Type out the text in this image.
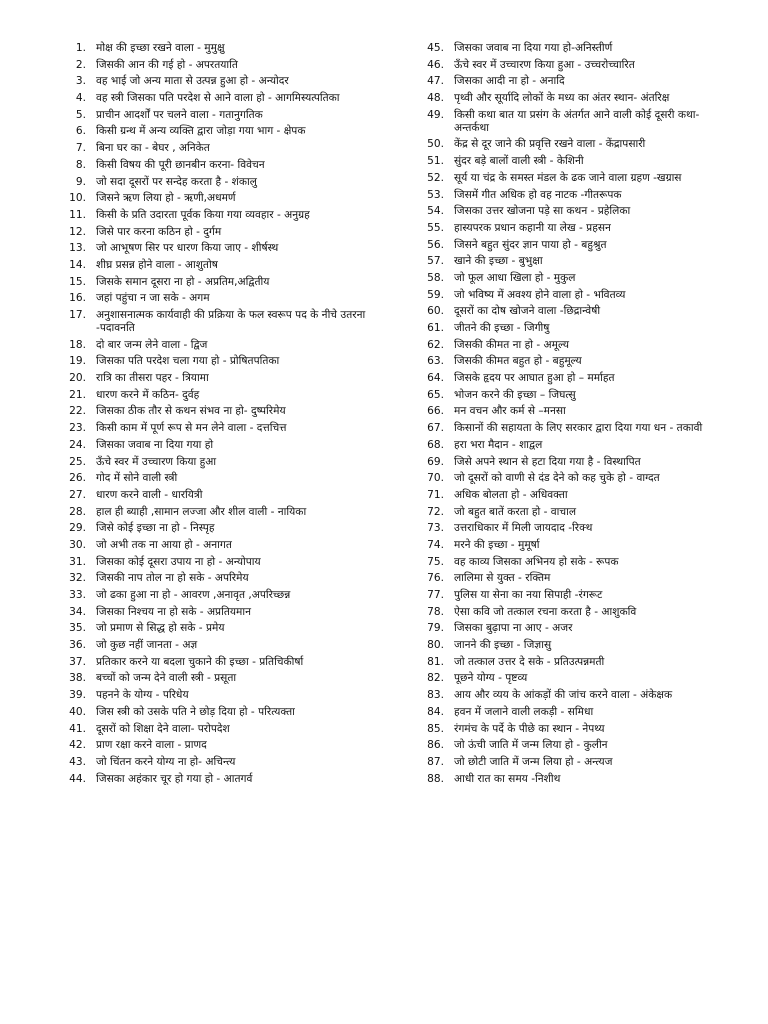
1. मोक्ष की इच्छा रखने वाला - मुमुक्षु
2. जिसकी आन की गई हो - अपरतयाति
3. वह भाई जो अन्य माता से उत्पन्न हुआ हो - अन्योदर
4. वह स्त्री जिसका पति परदेश से आने वाला हो - आगमिस्यत्पतिका
5. प्राचीन आदर्शों पर चलने वाला - गतानुगतिक
6. किसी ग्रन्थ में अन्य व्यक्ति द्वारा जोड़ा गया भाग - क्षेपक
7. बिना घर का - बेघर , अनिकेत
8. किसी विषय की पूरी छानबीन करना- विवेचन
9. जो सदा दूसरों पर सन्देह करता है - शंकालु
10. जिसने ऋण लिया हो - ऋणी,अधमर्ण
11. किसी के प्रति उदारता पूर्वक किया गया व्यवहार - अनुग्रह
12. जिसे पार करना कठिन हो - दुर्गम
13. जो आभूषण सिर पर धारण किया जाए - शीर्षस्थ
14. शीघ्र प्रसन्न होने वाला - आशुतोष
15. जिसके समान दूसरा ना हो - अप्रतिम,अद्वितीय
16. जहां पहुंचा न जा सके - अगम
17. अनुशासनात्मक कार्यवाही की प्रक्रिया के फल स्वरूप पद के नीचे उतरना -पदावनति
18. दो बार जन्म लेने वाला - द्विज
19. जिसका पति परदेश चला गया हो - प्रोषितपतिका
20. रात्रि का तीसरा पहर - त्रियामा
21. धारण करने में कठिन- दुर्वह
22. जिसका ठीक तौर से कथन संभव ना हो- दुष्परिमेय
23. किसी काम में पूर्ण रूप से मन लेने वाला - दत्तचित्त
24. जिसका जवाब ना दिया गया हो
25. ऊँचे स्वर में उच्चारण किया हुआ
26. गोद में सोने वाली स्त्री
27. धारण करने वाली - धारयित्री
28. हाल ही ब्याही ,सामान लज्जा और शील वाली - नायिका
29. जिसे कोई इच्छा ना हो - निस्पृह
30. जो अभी तक ना आया हो - अनागत
31. जिसका कोई दूसरा उपाय ना हो - अन्योपाय
32. जिसकी नाप तोल ना हो सके - अपरिमेय
33. जो ढका हुआ ना हो - आवरण ,अनावृत ,अपरिच्छन्न
34. जिसका निश्चय ना हो सके - अप्रतियमान
35. जो प्रमाण से सिद्ध हो सके - प्रमेय
36. जो कुछ नहीं जानता - अज्ञ
37. प्रतिकार करने या बदला चुकाने की इच्छा - प्रतिचिकीर्षा
38. बच्चों को जन्म देने वाली स्त्री - प्रसूता
39. पहनने के योग्य - परिधेय
40. जिस स्त्री को उसके पति ने छोड़ दिया हो - परित्यक्ता
41. दूसरों को शिक्षा देने वाला- परोपदेश
42. प्राण रक्षा करने वाला - प्राणद
43. जो चिंतन करने योग्य ना हो- अचिन्त्य
44. जिसका अहंकार चूर हो गया हो - आतगर्व
45. जिसका जवाब ना दिया गया हो-अनिस्तीर्ण
46. ऊँचे स्वर में उच्चारण किया हुआ - उच्चरोच्चारित
47. जिसका आदी ना हो - अनादि
48. पृथ्वी और सूर्यादि लोकों के मध्य का अंतर स्थान- अंतरिक्ष
49. किसी कथा बात या प्रसंग के अंतर्गत आने वाली कोई दूसरी कथा-अन्तर्कथा
50. केंद्र से दूर जाने की प्रवृत्ति रखने वाला - केंद्रापसारी
51. सुंदर बड़े बालों वाली स्त्री - केशिनी
52. सूर्य या चंद्र के समस्त मंडल के ढक जाने वाला ग्रहण -खग्रास
53. जिसमें गीत अधिक हो वह नाटक -गीतरूपक
54. जिसका उत्तर खोजना पड़े सा कथन - प्रहेलिका
55. हास्यपरक प्रधान कहानी या लेख - प्रहसन
56. जिसने बहुत सुंदर ज्ञान पाया हो - बहुश्रुत
57. खाने की इच्छा - बुभुक्षा
58. जो फूल आधा खिला हो - मुकुल
59. जो भविष्य में अवश्य होने वाला हो - भवितव्य
60. दूसरों का दोष खोजने वाला -छिद्रान्वेषी
61. जीतने की इच्छा - जिगीषु
62. जिसकी कीमत ना हो - अमूल्य
63. जिसकी कीमत बहुत हो - बहुमूल्य
64. जिसके हृदय पर आघात हुआ हो – मर्माहत
65. भोजन करने की इच्छा – जिघत्सु
66. मन वचन और कर्म से –मनसा
67. किसानों की सहायता के लिए सरकार द्वारा दिया गया धन - तकावी
68. हरा भरा मैदान - शाद्वल
69. जिसे अपने स्थान से हटा दिया गया है - विस्थापित
70. जो दूसरों को वाणी से दंड देने को कह चुके हो - वाग्दत
71. अधिक बोलता हो - अधिवक्ता
72. जो बहुत बातें करता हो - वाचाल
73. उत्तराधिकार में मिली जायदाद -रिक्थ
74. मरने की इच्छा - मुमूर्षा
75. वह काव्य जिसका अभिनय हो सके - रूपक
76. लालिमा से युक्त - रक्तिम
77. पुलिस या सेना का नया सिपाही -रंगरूट
78. ऐसा कवि जो तत्काल रचना करता है - आशुकवि
79. जिसका बुढ़ापा ना आए - अजर
80. जानने की इच्छा - जिज्ञासु
81. जो तत्काल उत्तर दे सके - प्रतिउत्पन्नमती
82. पूछने योग्य - पृष्टव्य
83. आय और व्यय के आंकड़ों की जांच करने वाला - अंकेक्षक
84. हवन में जलाने वाली लकड़ी - समिधा
85. रंगमंच के पर्दे के पीछे का स्थान - नेपथ्य
86. जो ऊंची जाति में जन्म लिया हो - कुलीन
87. जो छोटी जाति में जन्म लिया हो - अन्त्यज
88. आधी रात का समय -निशीथ
